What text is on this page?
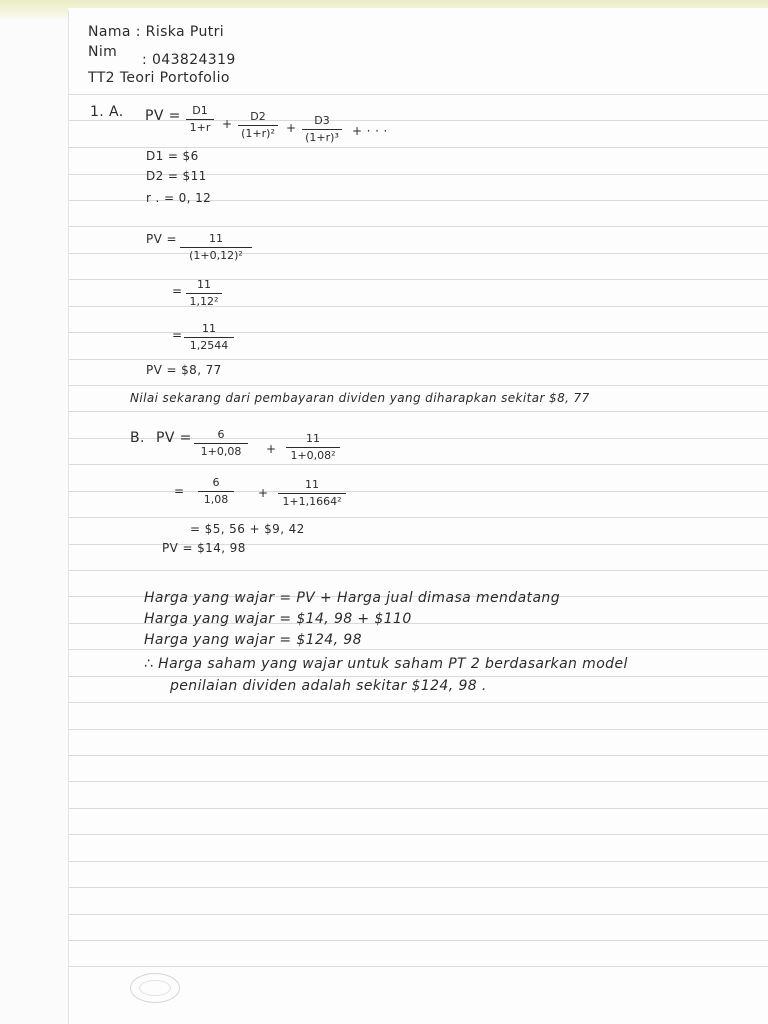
Nama : Riska Putri
Nim : 043824319
TT2 Teori Portofolio
1. A. PV =	D1
1+r +
D2
(1+r)² +
D3
(1+r)³ + · · ·
D1 = $6
D2 = $11
r . = 0, 12
PV =	11
(1+0,12)²
=	11
1,12²
=	11
1,2544
PV = $8, 77
Nilai sekarang dari pembayaran dividen yang diharapkan sekitar $8, 77
B. PV =	6
1+0,08	+
11
1+0,08²
=
6
1,08	+
11
1+1,1664²
= $5, 56 + $9, 42
PV = $14, 98
Harga yang wajar = PV + Harga jual dimasa mendatang
Harga yang wajar = $14, 98 + $110
Harga yang wajar = $124, 98
∴ Harga saham yang wajar untuk saham PT 2 berdasarkan model
penilaian dividen adalah sekitar $124, 98 .
